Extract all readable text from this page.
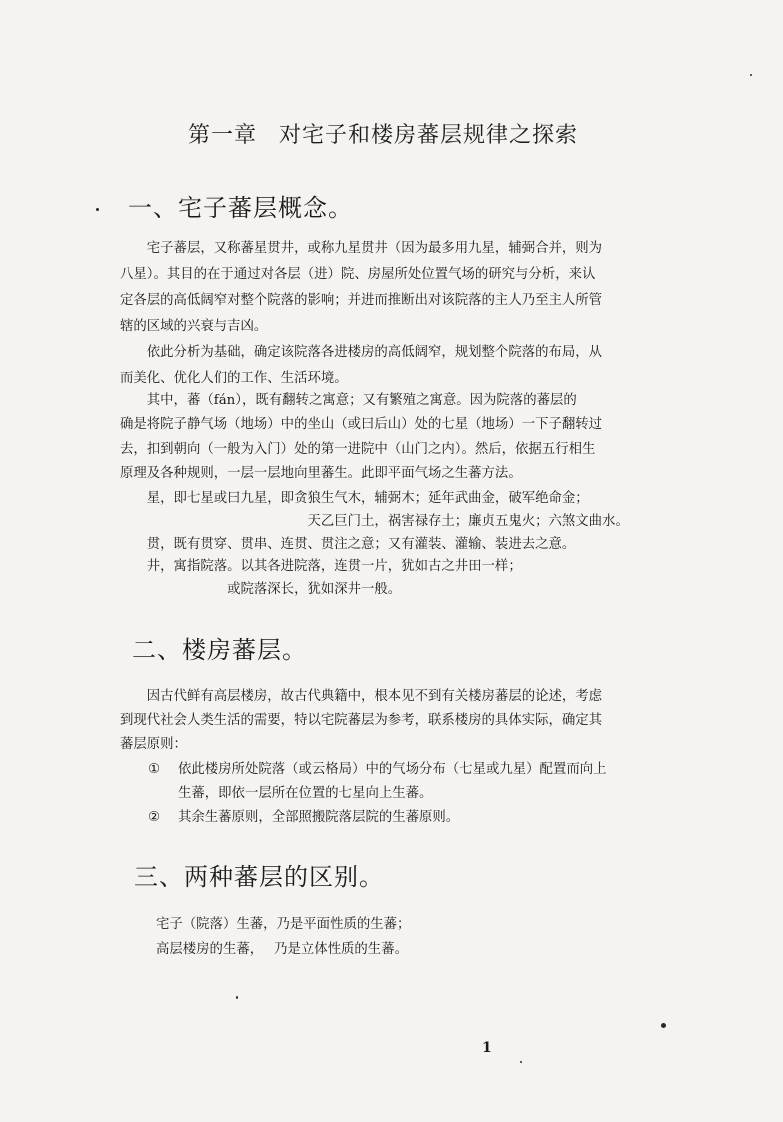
第一章 对宅子和楼房蕃层规律之探索
一、宅子蕃层概念。
　　宅子蕃层，又称蕃星贯井，或称九星贯井（因为最多用九星，辅弼合并，则为
八星）。其目的在于通过对各层（进）院、房屋所处位置气场的研究与分析，来认
定各层的高低阔窄对整个院落的影响；并进而推断出对该院落的主人乃至主人所管
辖的区域的兴衰与吉凶。
　　依此分析为基础，确定该院落各进楼房的高低阔窄，规划整个院落的布局，从
而美化、优化人们的工作、生活环境。
　　其中，蕃（fán），既有翻转之寓意；又有繁殖之寓意。因为院落的蕃层的
确是将院子静气场（地场）中的坐山（或曰后山）处的七星（地场）一下子翻转过
去，扣到朝向（一般为入门）处的第一进院中（山门之内）。然后，依据五行相生
原理及各种规则，一层一层地向里蕃生。此即平面气场之生蕃方法。
　　星，即七星或曰九星，即贪狼生气木，辅弼木；延年武曲金，破军绝命金；
　　　　　　　　　　　　　　天乙巨门土，祸害禄存土；廉贞五鬼火；六煞文曲水。
　　贯，既有贯穿、贯串、连贯、贯注之意；又有灌装、灌输、装进去之意。
　　井，寓指院落。以其各进院落，连贯一片，犹如古之井田一样；
　　　　　　　　或院落深长，犹如深井一般。
二、楼房蕃层。
　　因古代鲜有高层楼房，故古代典籍中，根本见不到有关楼房蕃层的论述，考虑
到现代社会人类生活的需要，特以宅院蕃层为参考，联系楼房的具体实际，确定其
蕃层原则：
① 依此楼房所处院落（或云格局）中的气场分布（七星或九星）配置而向上
生蕃，即依一层所在位置的七星向上生蕃。
② 其余生蕃原则，全部照搬院落层院的生蕃原则。
三、两种蕃层的区别。
宅子（院落）生蕃，乃是平面性质的生蕃；
高层楼房的生蕃，　 乃是立体性质的生蕃。
1
